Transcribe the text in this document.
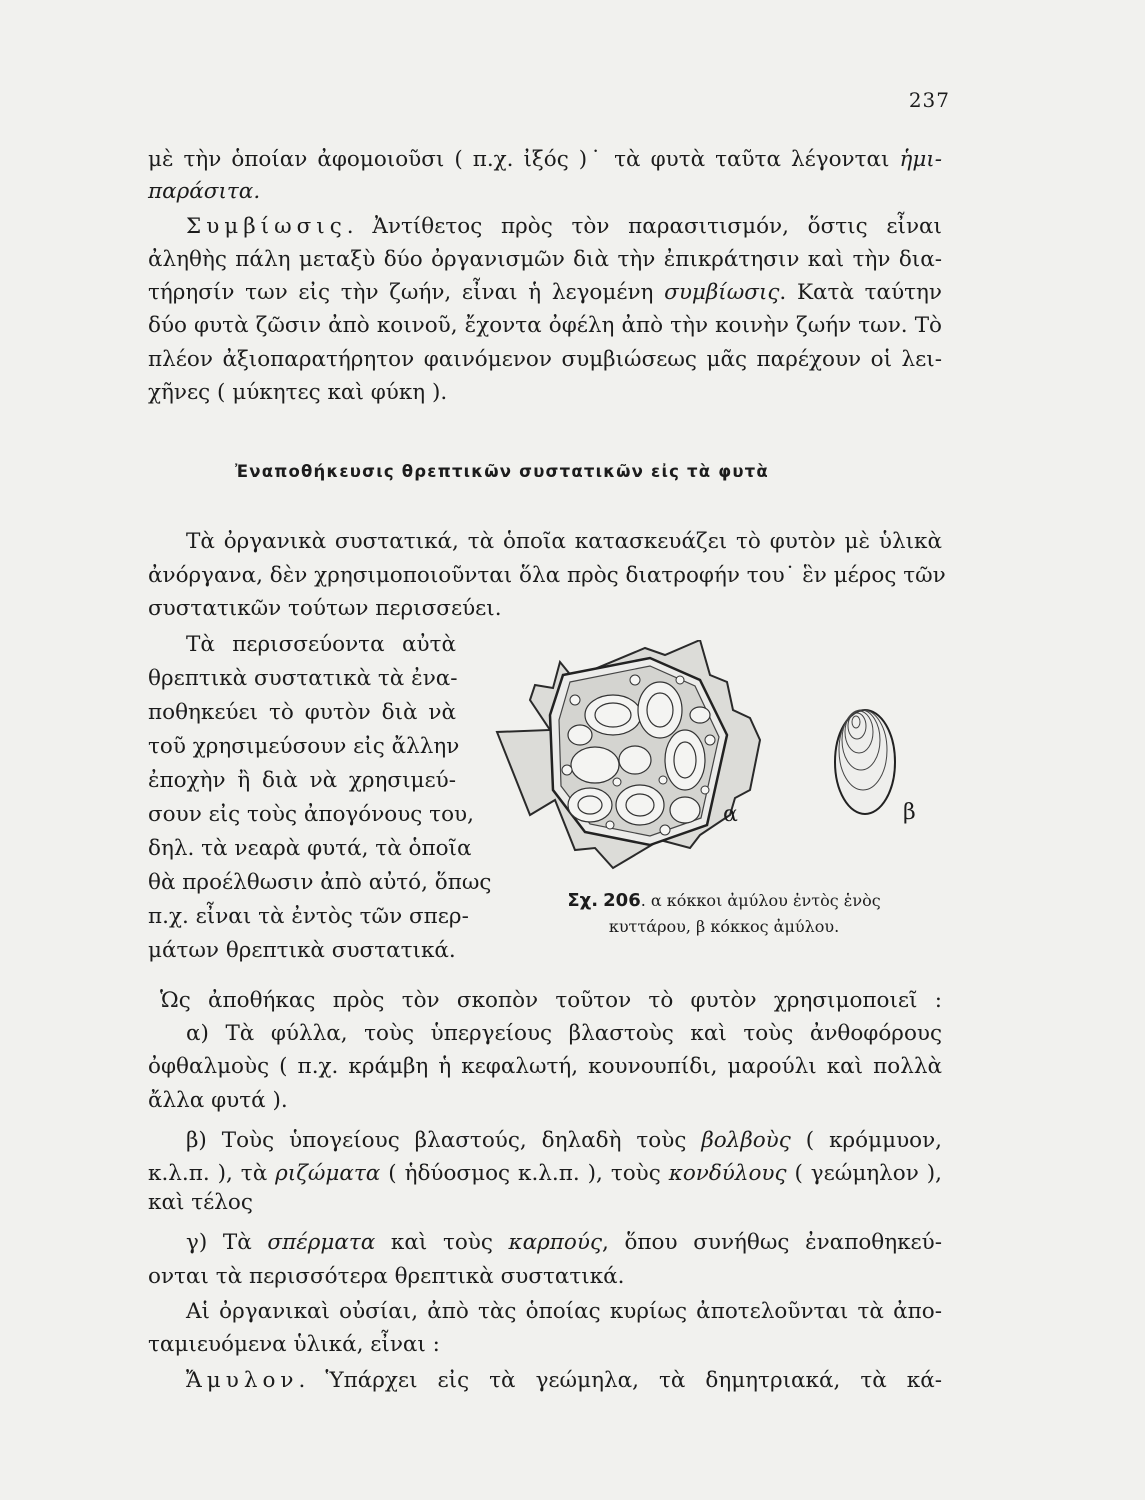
237
μὲ τὴν ὁποίαν ἀφομοιοῦσι ( π.χ. ἰξός )˙ τὰ φυτὰ ταῦτα λέγονται ἡμι-
παράσιτα.
Συμβίωσις. Ἀντίθετος πρὸς τὸν παρασιτισμόν, ὅστις εἶναι
ἀληθὴς πάλη μεταξὺ δύο ὀργανισμῶν διὰ τὴν ἐπικράτησιν καὶ τὴν δια-
τήρησίν των εἰς τὴν ζωήν, εἶναι ἡ λεγομένη συμβίωσις. Κατὰ ταύτην
δύο φυτὰ ζῶσιν ἀπὸ κοινοῦ, ἔχοντα ὀφέλη ἀπὸ τὴν κοινὴν ζωήν των. Τὸ
πλέον ἀξιοπαρατήρητον φαινόμενον συμβιώσεως μᾶς παρέχουν οἱ λει-
χῆνες ( μύκητες καὶ φύκη ).
Ἐναποθήκευσις θρεπτικῶν συστατικῶν εἰς τὰ φυτὰ
Τὰ ὀργανικὰ συστατικά, τὰ ὁποῖα κατασκευάζει τὸ φυτὸν μὲ ὑλικὰ
ἀνόργανα, δὲν χρησιμοποιοῦνται ὅλα πρὸς διατροφήν του˙ ἓν μέρος τῶν
συστατικῶν τούτων περισσεύει.
Τὰ περισσεύοντα αὐτὰ
θρεπτικὰ συστατικὰ τὰ ἐνα-
ποθηκεύει τὸ φυτὸν διὰ νὰ
τοῦ χρησιμεύσουν εἰς ἄλλην
ἐποχὴν ἢ διὰ νὰ χρησιμεύ-
σουν εἰς τοὺς ἀπογόνους του,
δηλ. τὰ νεαρὰ φυτά, τὰ ὁποῖα
θὰ προέλθωσιν ἀπὸ αὐτό, ὅπως
π.χ. εἶναι τὰ ἐντὸς τῶν σπερ-
μάτων θρεπτικὰ συστατικά.
α	β
Σχ. 206. α κόκκοι ἀμύλου ἐντὸς ἑνὸς
κυττάρου, β κόκκος ἀμύλου.
Ὡς ἀποθήκας πρὸς τὸν σκοπὸν τοῦτον τὸ φυτὸν χρησιμοποιεῖ :
α) Τὰ φύλλα, τοὺς ὑπεργείους βλαστοὺς καὶ τοὺς ἀνθοφόρους
ὀφθαλμοὺς ( π.χ. κράμβη ἡ κεφαλωτή, κουνουπίδι, μαρούλι καὶ πολλὰ
ἄλλα φυτά ).
β) Τοὺς ὑπογείους βλαστούς, δηλαδὴ τοὺς βολβοὺς ( κρόμμυον,
κ.λ.π. ), τὰ ριζώματα ( ἡδύοσμος κ.λ.π. ), τοὺς κονδύλους ( γεώμηλον ),
καὶ τέλος
γ) Τὰ σπέρματα καὶ τοὺς καρπούς, ὅπου συνήθως ἐναποθηκεύ-
ονται τὰ περισσότερα θρεπτικὰ συστατικά.
Αἱ ὀργανικαὶ οὐσίαι, ἀπὸ τὰς ὁποίας κυρίως ἀποτελοῦνται τὰ ἀπο-
ταμιευόμενα ὑλικά, εἶναι :
Ἄμυλον. Ὑπάρχει εἰς τὰ γεώμηλα, τὰ δημητριακά, τὰ κά-
